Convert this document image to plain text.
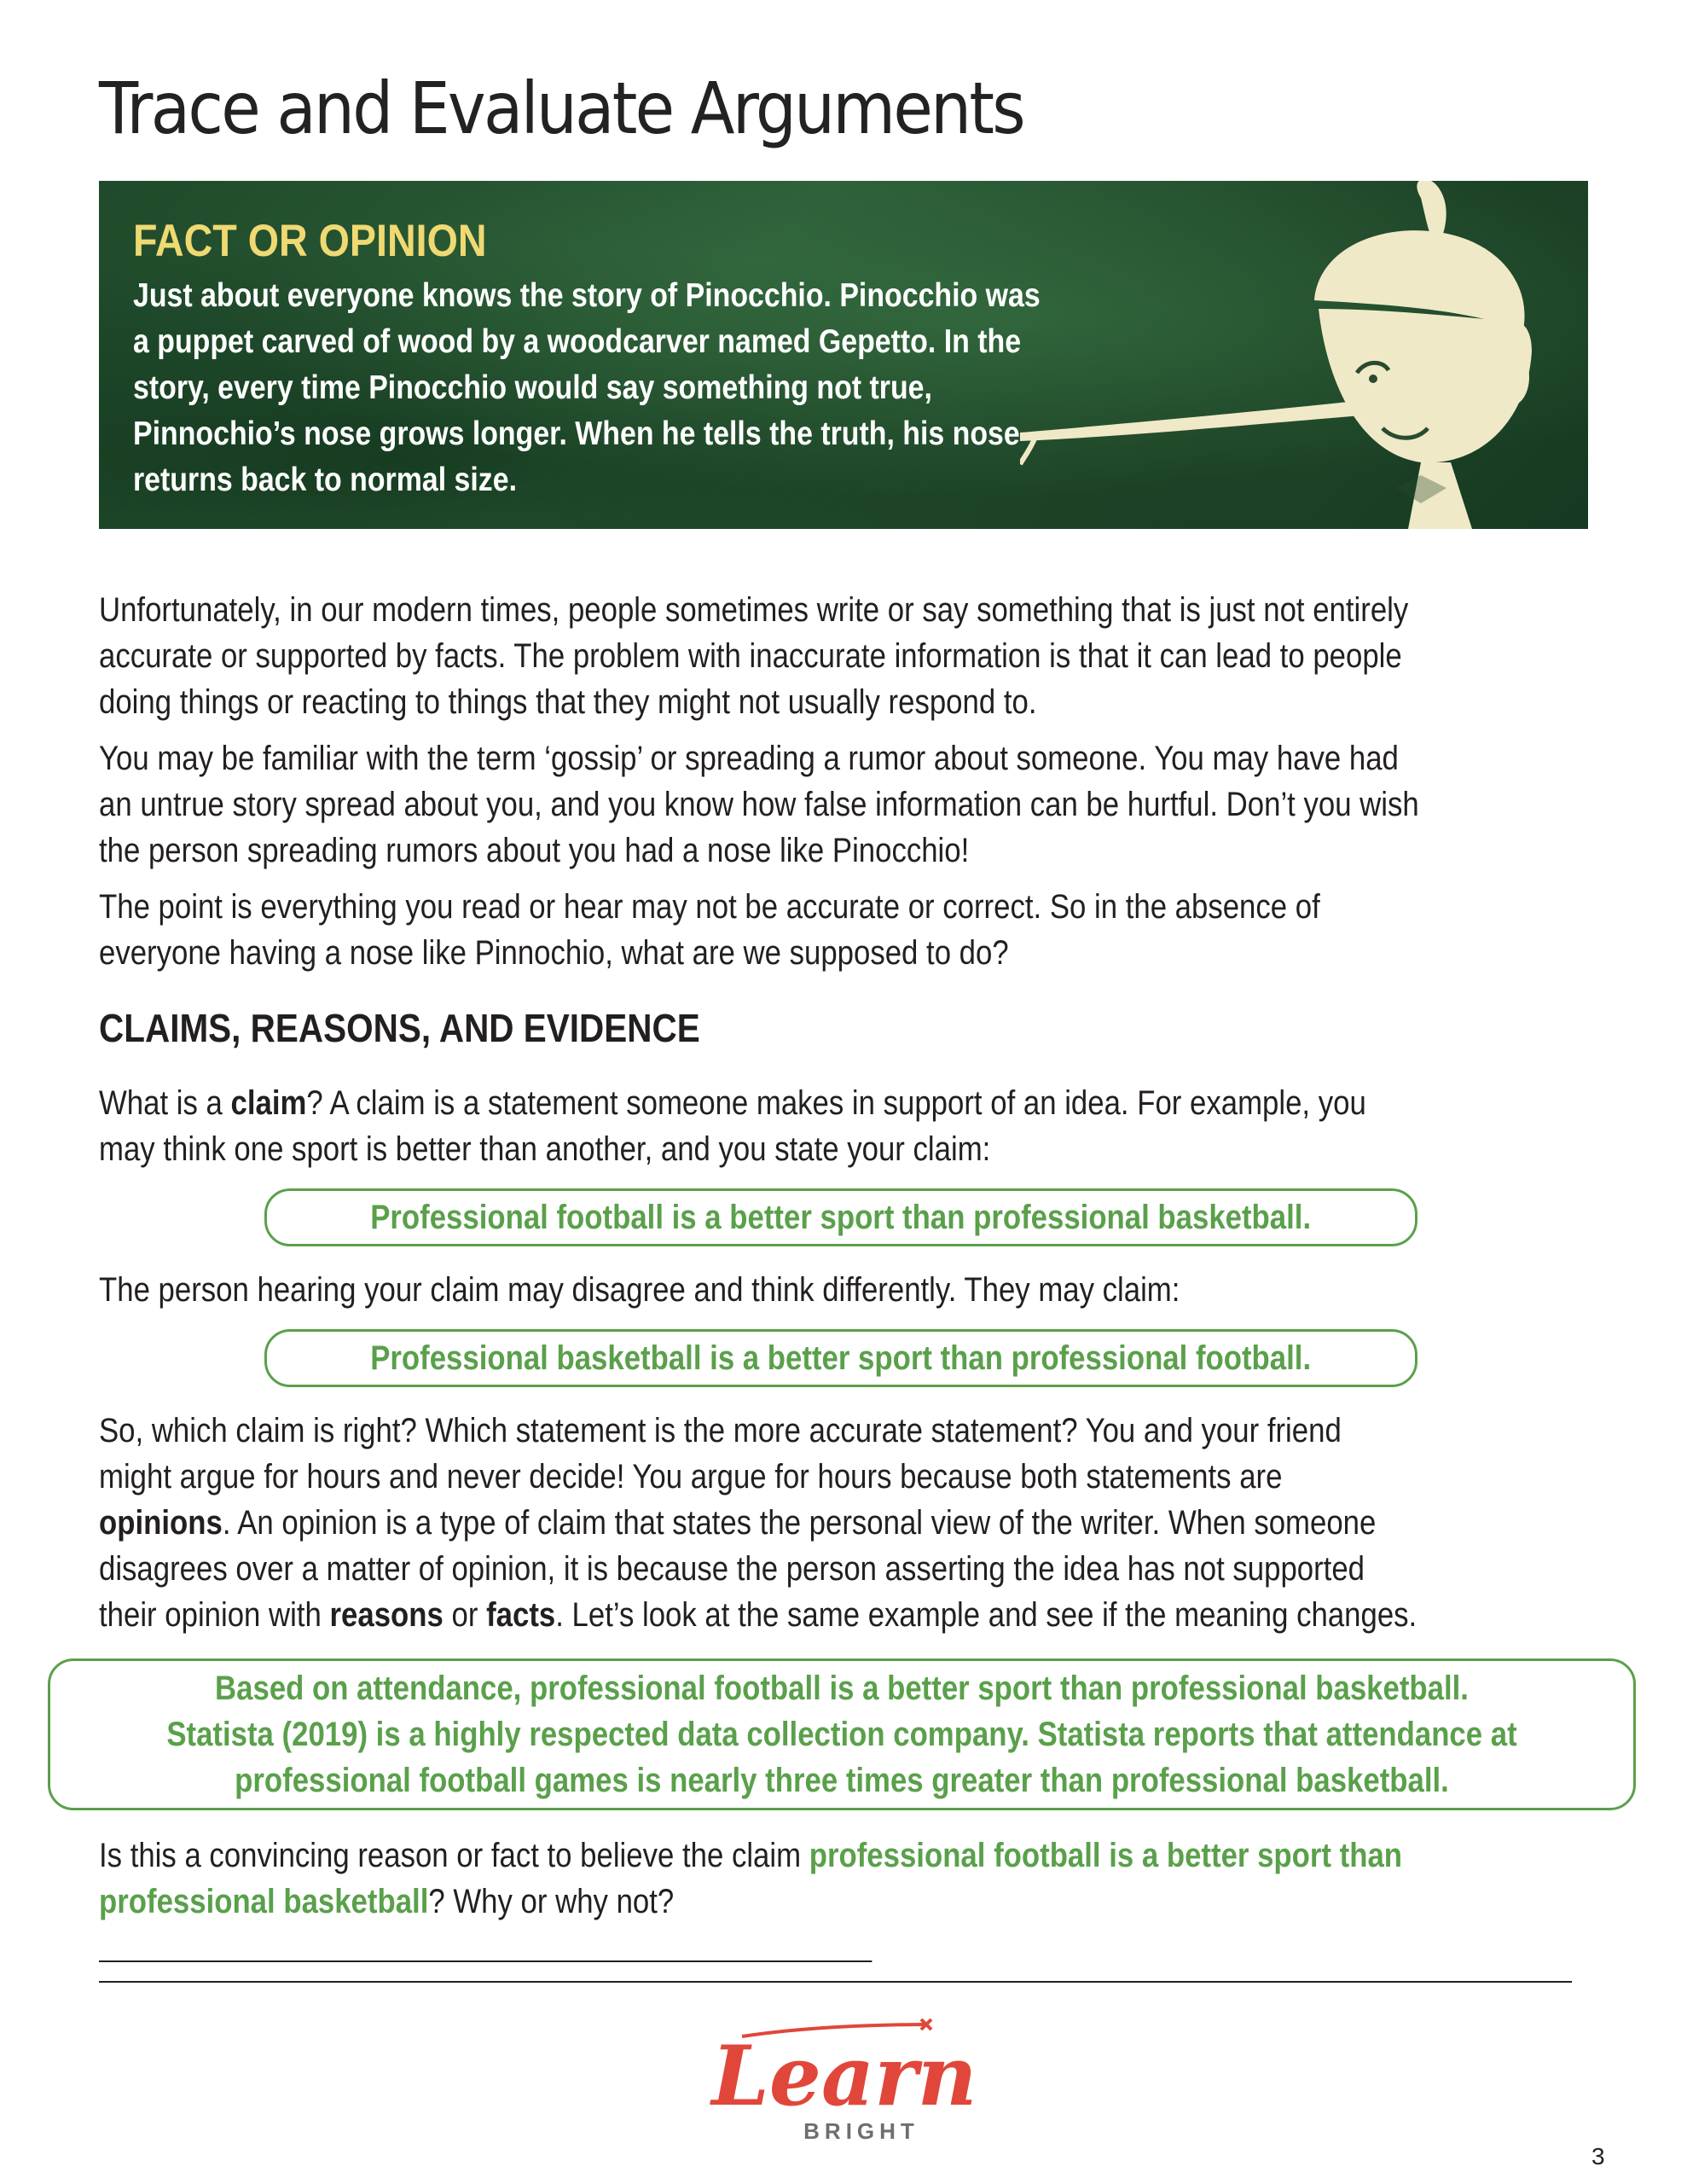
Trace and Evaluate Arguments
FACT OR OPINION
Just about everyone knows the story of Pinocchio. Pinocchio was a puppet carved of wood by a woodcarver named Gepetto. In the story, every time Pinocchio would say something not true, Pinnochio’s nose grows longer. When he tells the truth, his nose returns back to normal size.

Unfortunately, in our modern times, people sometimes write or say something that is just not entirely accurate or supported by facts. The problem with inaccurate information is that it can lead to people doing things or reacting to things that they might not usually respond to.

You may be familiar with the term ‘gossip’ or spreading a rumor about someone. You may have had an untrue story spread about you, and you know how false information can be hurtful. Don’t you wish the person spreading rumors about you had a nose like Pinocchio!

The point is everything you read or hear may not be accurate or correct. So in the absence of everyone having a nose like Pinnochio, what are we supposed to do?

CLAIMS, REASONS, AND EVIDENCE

What is a claim? A claim is a statement someone makes in support of an idea. For example, you may think one sport is better than another, and you state your claim:

Professional football is a better sport than professional basketball.

The person hearing your claim may disagree and think differently. They may claim:

Professional basketball is a better sport than professional football.

So, which claim is right? Which statement is the more accurate statement? You and your friend might argue for hours and never decide! You argue for hours because both statements are opinions. An opinion is a type of claim that states the personal view of the writer. When someone disagrees over a matter of opinion, it is because the person asserting the idea has not supported their opinion with reasons or facts. Let’s look at the same example and see if the meaning changes.

Based on attendance, professional football is a better sport than professional basketball.
Statista (2019) is a highly respected data collection company. Statista reports that attendance at
professional football games is nearly three times greater than professional basketball.

Is this a convincing reason or fact to believe the claim professional football is a better sport than professional basketball? Why or why not?

Learn
BRIGHT
3
